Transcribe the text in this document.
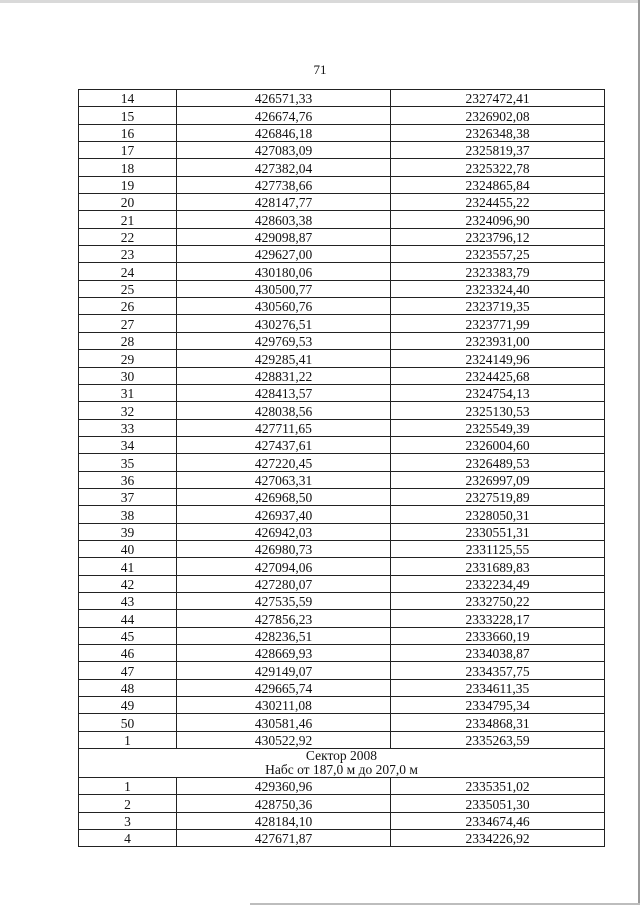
71
14	426571,33	2327472,41
15	426674,76	2326902,08
16	426846,18	2326348,38
17	427083,09	2325819,37
18	427382,04	2325322,78
19	427738,66	2324865,84
20	428147,77	2324455,22
21	428603,38	2324096,90
22	429098,87	2323796,12
23	429627,00	2323557,25
24	430180,06	2323383,79
25	430500,77	2323324,40
26	430560,76	2323719,35
27	430276,51	2323771,99
28	429769,53	2323931,00
29	429285,41	2324149,96
30	428831,22	2324425,68
31	428413,57	2324754,13
32	428038,56	2325130,53
33	427711,65	2325549,39
34	427437,61	2326004,60
35	427220,45	2326489,53
36	427063,31	2326997,09
37	426968,50	2327519,89
38	426937,40	2328050,31
39	426942,03	2330551,31
40	426980,73	2331125,55
41	427094,06	2331689,83
42	427280,07	2332234,49
43	427535,59	2332750,22
44	427856,23	2333228,17
45	428236,51	2333660,19
46	428669,93	2334038,87
47	429149,07	2334357,75
48	429665,74	2334611,35
49	430211,08	2334795,34
50	430581,46	2334868,31
1	430522,92	2335263,59

Сектор 2008
Набс от 187,0 м до 207,0 м		

1	429360,96	2335351,02
2	428750,36	2335051,30
3	428184,10	2334674,46
4	427671,87	2334226,92
